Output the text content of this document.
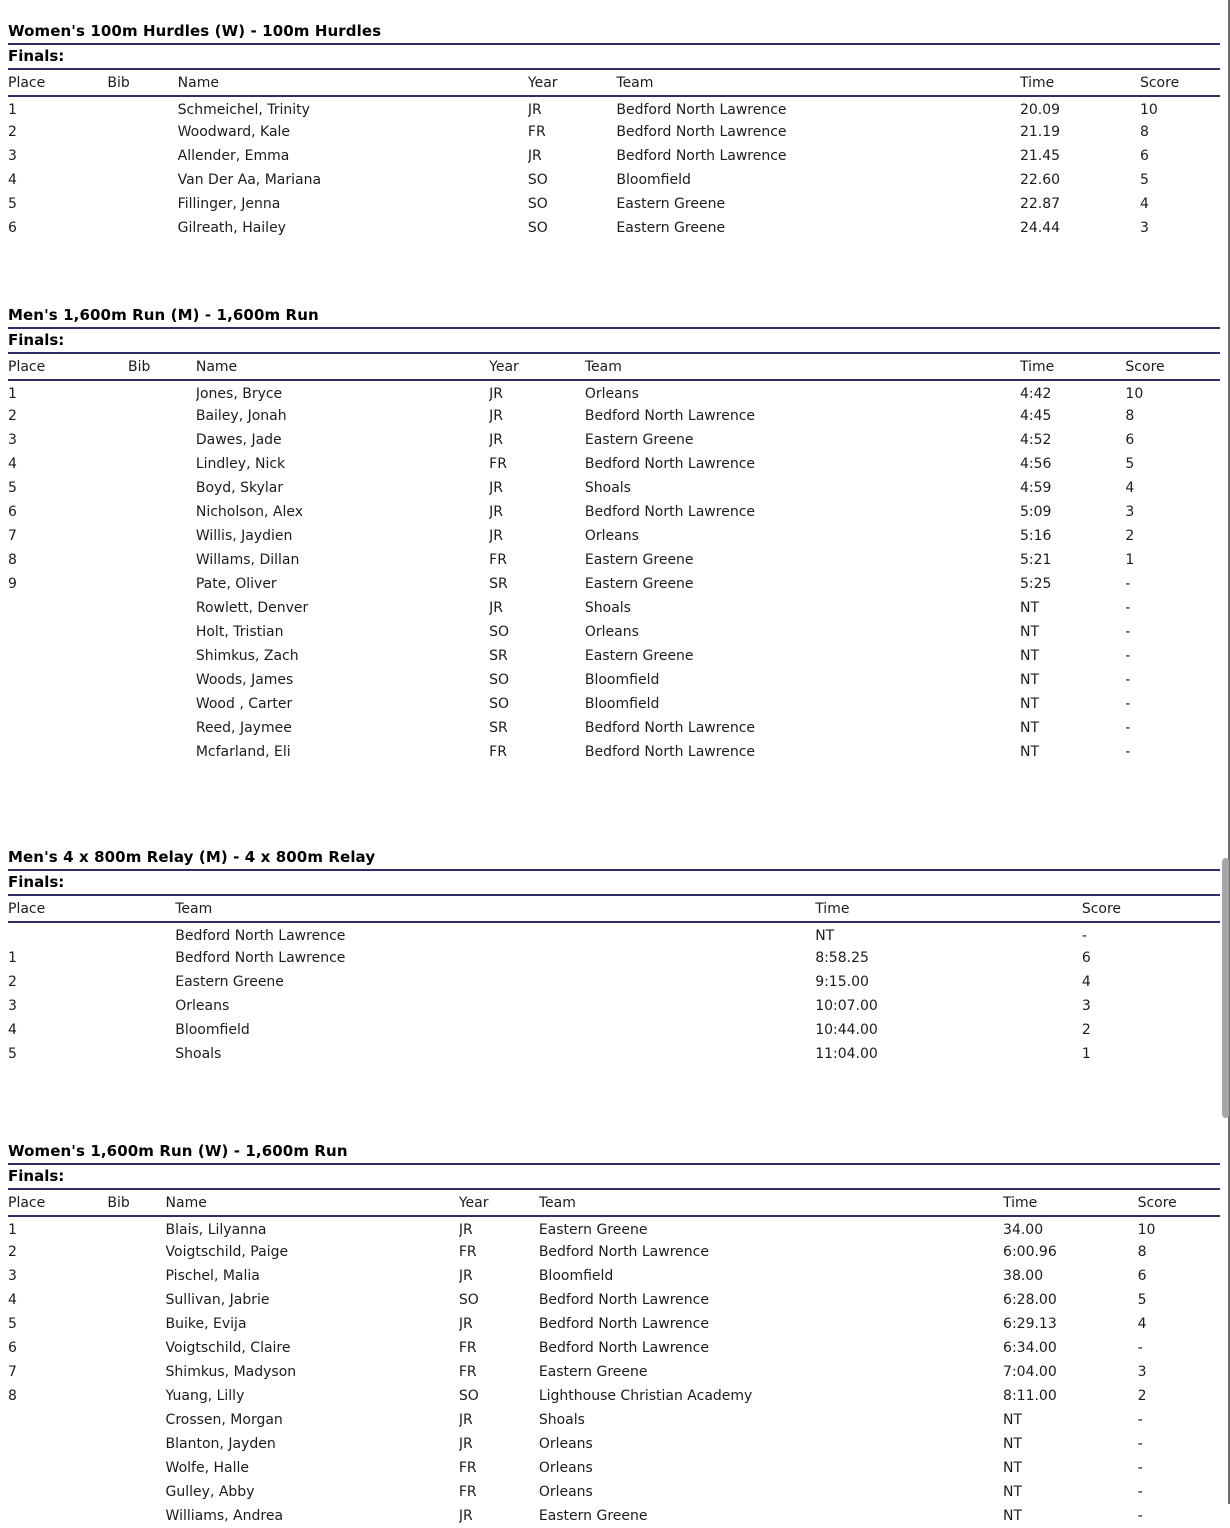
Women's 100m Hurdles (W) - 100m Hurdles
Finals:
Place	Bib	Name	Year	Team	Time	Score
1		Schmeichel, Trinity	JR	Bedford North Lawrence	20.09	10
2		Woodward, Kale	FR	Bedford North Lawrence	21.19	8
3		Allender, Emma	JR	Bedford North Lawrence	21.45	6
4		Van Der Aa, Mariana	SO	Bloomfield	22.60	5
5		Fillinger, Jenna	SO	Eastern Greene	22.87	4
6		Gilreath, Hailey	SO	Eastern Greene	24.44	3
Men's 1,600m Run (M) - 1,600m Run
Finals:
Place	Bib	Name	Year	Team	Time	Score
1		Jones, Bryce	JR	Orleans	4:42	10
2		Bailey, Jonah	JR	Bedford North Lawrence	4:45	8
3		Dawes, Jade	JR	Eastern Greene	4:52	6
4		Lindley, Nick	FR	Bedford North Lawrence	4:56	5
5		Boyd, Skylar	JR	Shoals	4:59	4
6		Nicholson, Alex	JR	Bedford North Lawrence	5:09	3
7		Willis, Jaydien	JR	Orleans	5:16	2
8		Willams, Dillan	FR	Eastern Greene	5:21	1
9		Pate, Oliver	SR	Eastern Greene	5:25	-
		Rowlett, Denver	JR	Shoals	NT	-
		Holt, Tristian	SO	Orleans	NT	-
		Shimkus, Zach	SR	Eastern Greene	NT	-
		Woods, James	SO	Bloomfield	NT	-
		Wood , Carter	SO	Bloomfield	NT	-
		Reed, Jaymee	SR	Bedford North Lawrence	NT	-
		Mcfarland, Eli	FR	Bedford North Lawrence	NT	-
Men's 4 x 800m Relay (M) - 4 x 800m Relay
Finals:
Place	Team	Time	Score
	Bedford North Lawrence	NT	-
1	Bedford North Lawrence	8:58.25	6
2	Eastern Greene	9:15.00	4
3	Orleans	10:07.00	3
4	Bloomfield	10:44.00	2
5	Shoals	11:04.00	1
Women's 1,600m Run (W) - 1,600m Run
Finals:
Place	Bib	Name	Year	Team	Time	Score
1		Blais, Lilyanna	JR	Eastern Greene	34.00	10
2		Voigtschild, Paige	FR	Bedford North Lawrence	6:00.96	8
3		Pischel, Malia	JR	Bloomfield	38.00	6
4		Sullivan, Jabrie	SO	Bedford North Lawrence	6:28.00	5
5		Buike, Evija	JR	Bedford North Lawrence	6:29.13	4
6		Voigtschild, Claire	FR	Bedford North Lawrence	6:34.00	-
7		Shimkus, Madyson	FR	Eastern Greene	7:04.00	3
8		Yuang, Lilly	SO	Lighthouse Christian Academy	8:11.00	2
		Crossen, Morgan	JR	Shoals	NT	-
		Blanton, Jayden	JR	Orleans	NT	-
		Wolfe, Halle	FR	Orleans	NT	-
		Gulley, Abby	FR	Orleans	NT	-
		Williams, Andrea	JR	Eastern Greene	NT	-
